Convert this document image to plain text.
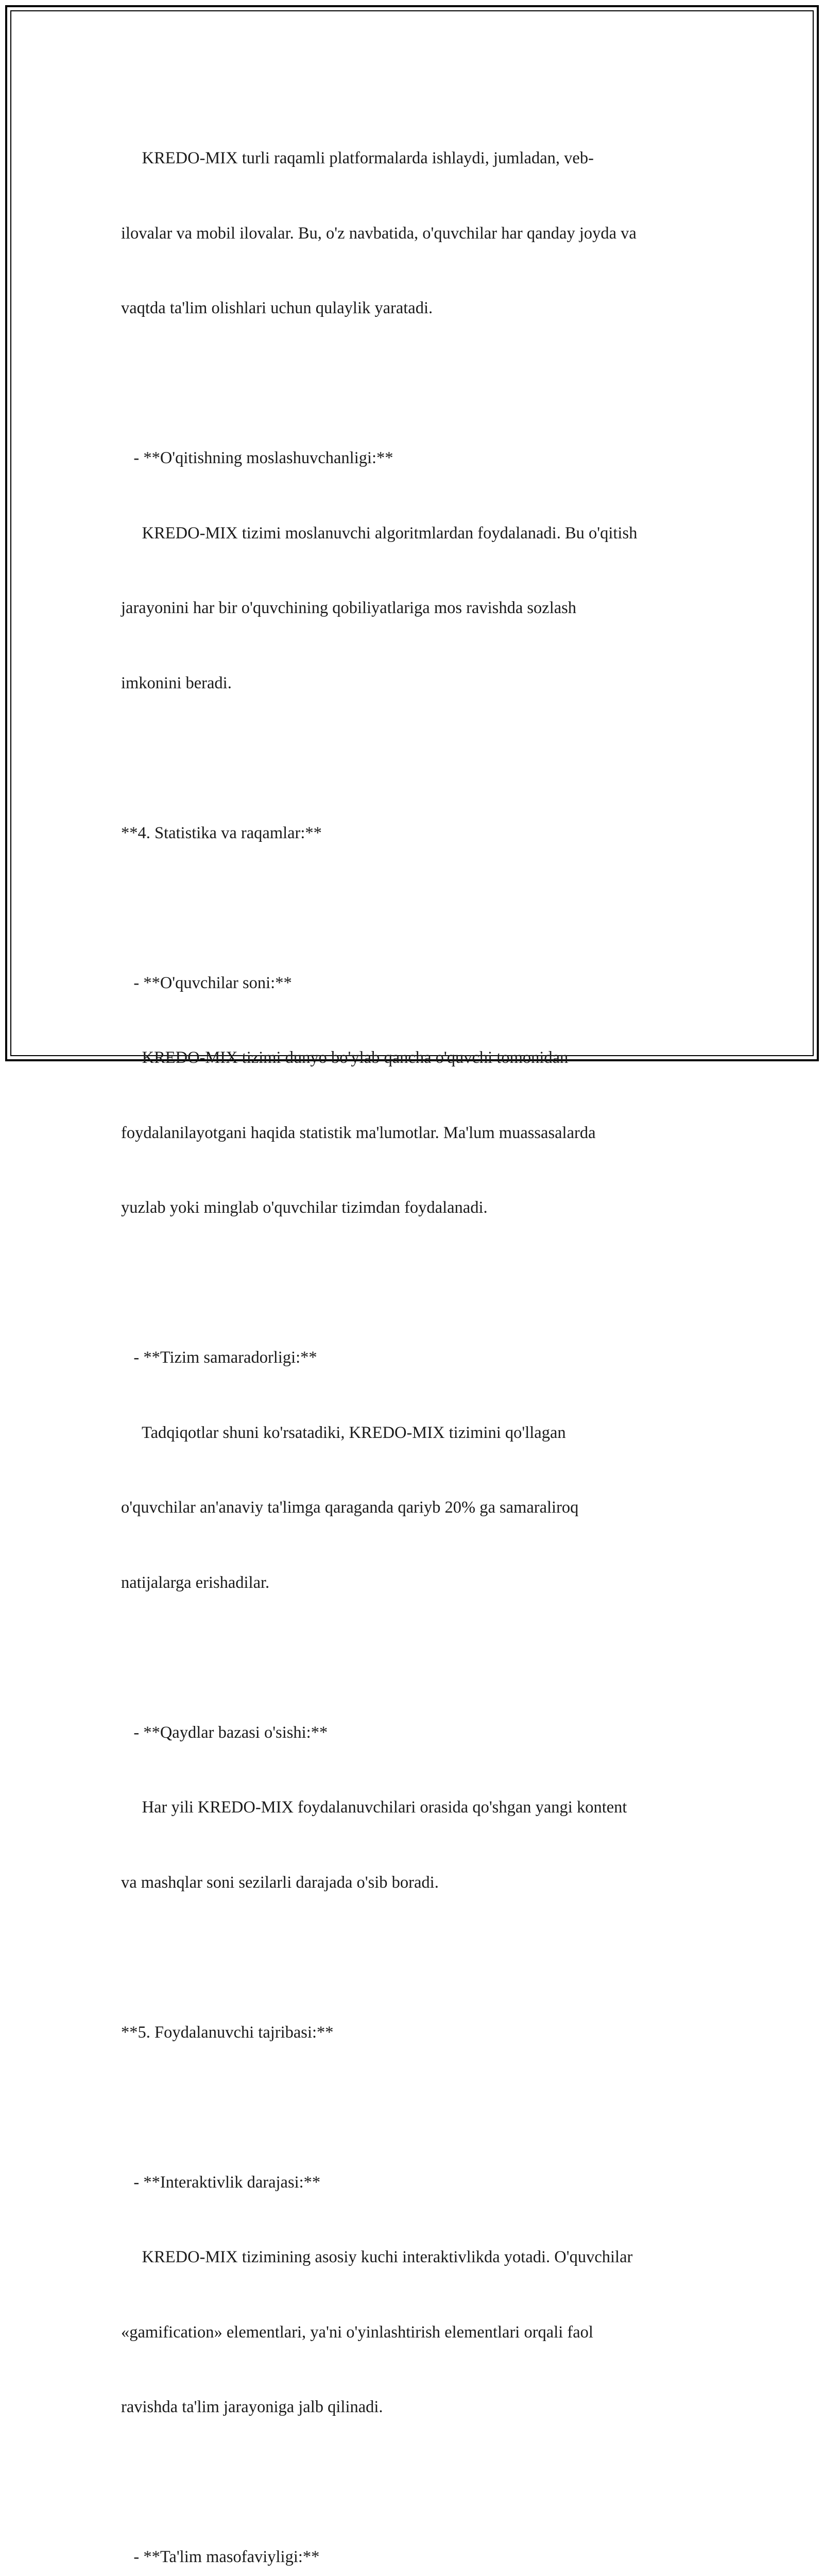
KREDO-MIX turli raqamli platformalarda ishlaydi, jumladan, veb-

ilovalar va mobil ilovalar. Bu, o'z navbatida, o'quvchilar har qanday joyda va

vaqtda ta'lim olishlari uchun qulaylik yaratadi.

- **O'qitishning moslashuvchanligi:**

KREDO-MIX tizimi moslanuvchi algoritmlardan foydalanadi. Bu o'qitish

jarayonini har bir o'quvchining qobiliyatlariga mos ravishda sozlash

imkonini beradi.

**4. Statistika va raqamlar:**

- **O'quvchilar soni:**

KREDO-MIX tizimi dunyo bo'ylab qancha o'quvchi tomonidan

foydalanilayotgani haqida statistik ma'lumotlar. Ma'lum muassasalarda

yuzlab yoki minglab o'quvchilar tizimdan foydalanadi.

- **Tizim samaradorligi:**

Tadqiqotlar shuni ko'rsatadiki, KREDO-MIX tizimini qo'llagan

o'quvchilar an'anaviy ta'limga qaraganda qariyb 20% ga samaraliroq

natijalarga erishadilar.

- **Qaydlar bazasi o'sishi:**

Har yili KREDO-MIX foydalanuvchilari orasida qo'shgan yangi kontent

va mashqlar soni sezilarli darajada o'sib boradi.

**5. Foydalanuvchi tajribasi:**

- **Interaktivlik darajasi:**

KREDO-MIX tizimining asosiy kuchi interaktivlikda yotadi. O'quvchilar

«gamification» elementlari, ya'ni o'yinlashtirish elementlari orqali faol

ravishda ta'lim jarayoniga jalb qilinadi.

- **Ta'lim masofaviyligi:**
